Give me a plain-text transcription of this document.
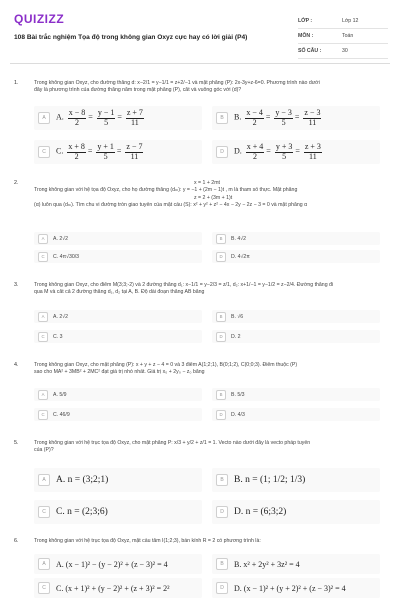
QUIZIZZ
108 Bài trắc nghiệm Tọa độ trong không gian Oxyz cực hay có lời giải (P4)
LỚP :	Lớp 12
MÔN :	Toán
SỐ CÂU :	30
1.	Trong không gian Oxyz, cho đường thẳng d: x−2/1 = y−1/1 = z+2/−1 và mặt phẳng (P): 2x-3y+z-6=0. Phương trình nào dưới
đây là phương trình của đường thẳng nằm trong mặt phẳng (P), cắt và vuông góc với (d)?
A	A. $\frac{x - 8}{2} = \frac{y - 1}{5} = \frac{z + 7}{11}$	B	B. $\frac{x - 4}{2} = \frac{y - 3}{5} = \frac{z - 3}{11}$
C	C. $\frac{x + 8}{2} = \frac{y + 1}{5} = \frac{z - 7}{11}$	D	D. $\frac{x + 4}{2} = \frac{y + 3}{5} = \frac{z + 3}{11}$
2.	x = 1 + 2mt
Trong không gian với hệ tọa độ Oxyz, cho họ đường thẳng (dₘ): y = −1 + (2m − 1)t , m là tham số thực. Mặt phẳng
z = 2 + (3m + 1)t
(α) luôn qua (dₘ). Tìm chu vi đường tròn giao tuyến của mặt cầu (S): x² + y² + z² − 4x − 2y − 2z − 3 = 0 và mặt phẳng α
A	A. 2√2	B	B. 4√2
C	C. 4π√30/3	D	D. 4√2π
3.	Trong không gian Oxyz, cho điểm M(3;3;-2) và 2 đường thẳng d₁: x−1/1 = y−2/3 = z/1, d₂: x+1/−1 = y−1/2 = z−2/4. Đường thẳng đi
qua M và cắt cả 2 đường thẳng d₁, d₂ tại A, B. Độ dài đoạn thẳng AB bằng
A	A. 2√2	B	B. √6
C	C. 3	D	D. 2
4.	Trong không gian Oxyz, cho mặt phẳng (P): x + y + z − 4 = 0 và 3 điểm A(1;2;1), B(0;1;2), C(0;0;3). Điểm thuộc (P)
sao cho MA² + 3MB² + 2MC² đạt giá trị nhỏ nhất. Giá trị x₀ + 2y₀ − z₀ bằng
A	A. 5/9	B	B. 5/3
C	C. 46/9	D	D. 4/3
5.	Trong không gian với hệ trục tọa độ Oxyz, cho mặt phẳng P: x/3 + y/2 + z/1 = 1. Vecto nào dưới đây là vecto pháp tuyến
của (P)?
A	A. n = (3;2;1)	B	B. n = (1; 1/2; 1/3)
C	C. n = (2;3;6)	D	D. n = (6;3;2)
6.	Trong không gian với hệ trục tọa độ Oxyz, mặt cầu tâm I(1;2;3), bán kính R = 2 có phương trình là:
A	A. (x − 1)² − (y − 2)² + (z − 3)² = 4	B	B. x² + 2y² + 3z² = 4
C	C. (x + 1)² + (y − 2)² + (z + 3)² = 2²	D	D. (x − 1)² + (y + 2)² + (z − 3)² = 4
